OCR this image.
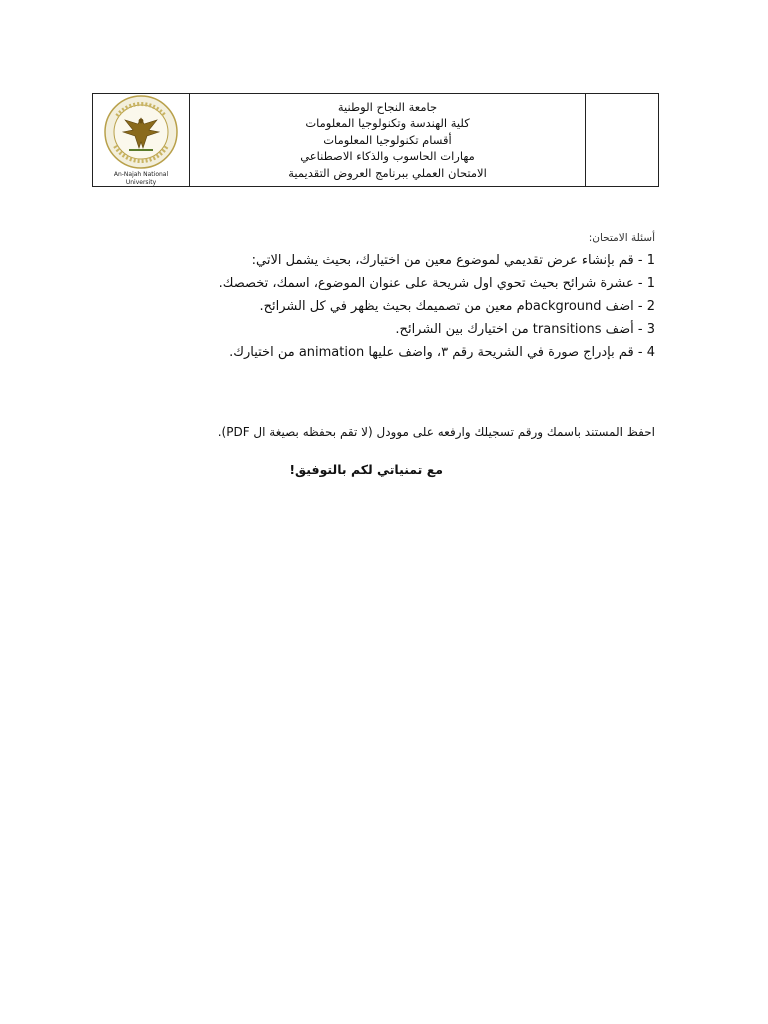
An-Najah National
University

جامعة النجاح الوطنية
كلية الهندسة وتكنولوجيا المعلومات
أقسام تكنولوجيا المعلومات
مهارات الحاسوب والذكاء الاصطناعي
الامتحان العملي ببرنامج العروض التقديمية

أسئلة الامتحان:

1 - قم بإنشاء عرض تقديمي لموضوع معين من اختيارك، بحيث يشمل الاتي:

1 - عشرة شرائح بحيث تحوي اول شريحة على عنوان الموضوع، اسمك، تخصصك.

2 - اضف backgroundم معين من تصميمك بحيث يظهر في كل الشرائح.

3 - أضف transitions من اختيارك بين الشرائح.

4 - قم بإدراج صورة في الشريحة رقم ٣، واضف عليها animation من اختيارك.

احفظ المستند باسمك ورقم تسجيلك وارفعه على موودل (لا تقم بحفظه بصيغة ال PDF).

مع تمنياتي لكم بالتوفيق!
